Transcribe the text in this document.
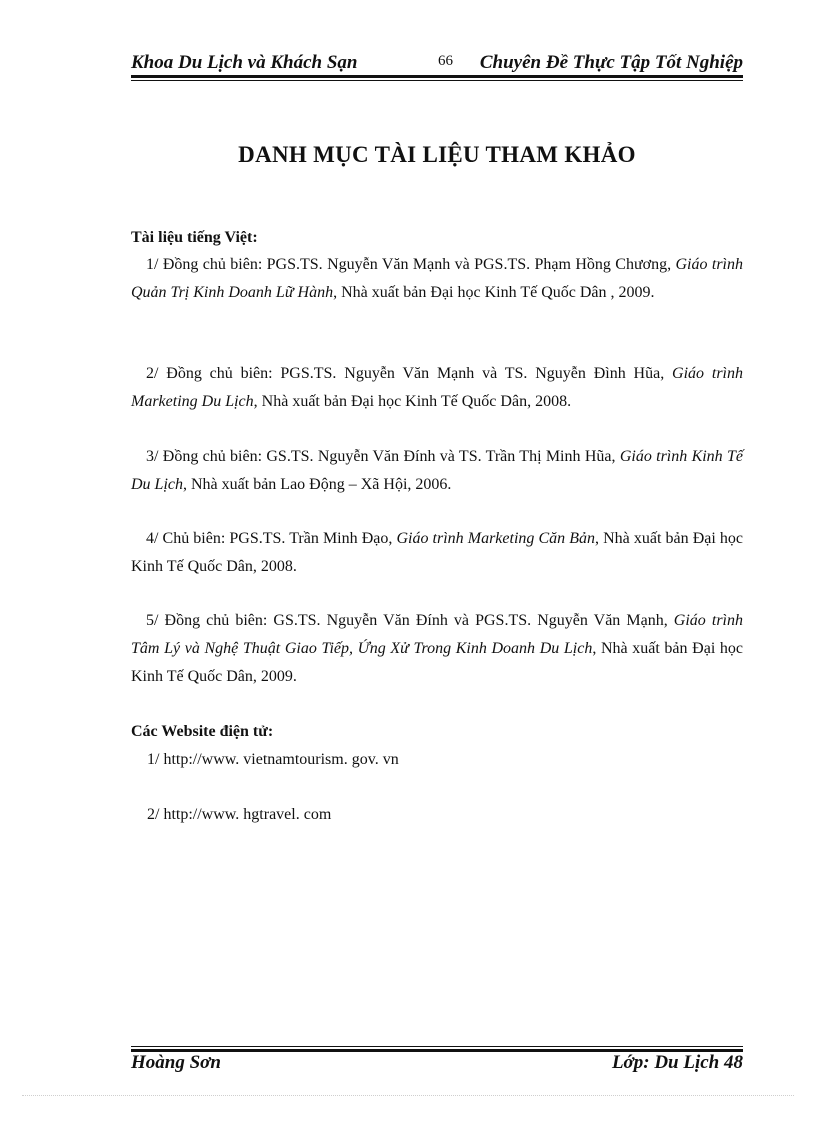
Khoa Du Lịch và Khách Sạn	66 Chuyên Đề Thực Tập Tốt Nghiệp
DANH MỤC TÀI LIỆU THAM KHẢO
Tài liệu tiếng Việt:
1/ Đồng chủ biên: PGS.TS. Nguyễn Văn Mạnh và PGS.TS. Phạm Hồng Chương, Giáo trình Quản Trị Kinh Doanh Lữ Hành, Nhà xuất bản Đại học Kinh Tế Quốc Dân , 2009.
2/ Đồng chủ biên: PGS.TS. Nguyễn Văn Mạnh và TS. Nguyễn Đình Hũa, Giáo trình Marketing Du Lịch, Nhà xuất bản Đại học Kinh Tế Quốc Dân, 2008.
3/ Đồng chủ biên: GS.TS. Nguyễn Văn Đính và TS. Trần Thị Minh Hũa, Giáo trình Kinh Tế Du Lịch, Nhà xuất bản Lao Động – Xã Hội, 2006.
4/ Chủ biên: PGS.TS. Trần Minh Đạo, Giáo trình Marketing Căn Bản, Nhà xuất bản Đại học Kinh Tế Quốc Dân, 2008.
5/ Đồng chủ biên: GS.TS. Nguyễn Văn Đính và PGS.TS. Nguyễn Văn Mạnh, Giáo trình Tâm Lý và Nghệ Thuật Giao Tiếp, Ứng Xử Trong Kinh Doanh Du Lịch, Nhà xuất bản Đại học Kinh Tế Quốc Dân, 2009.
Các Website điện tử:
1/ http://www. vietnamtourism. gov. vn
2/ http://www. hgtravel. com
Hoàng Sơn	Lớp: Du Lịch 48
